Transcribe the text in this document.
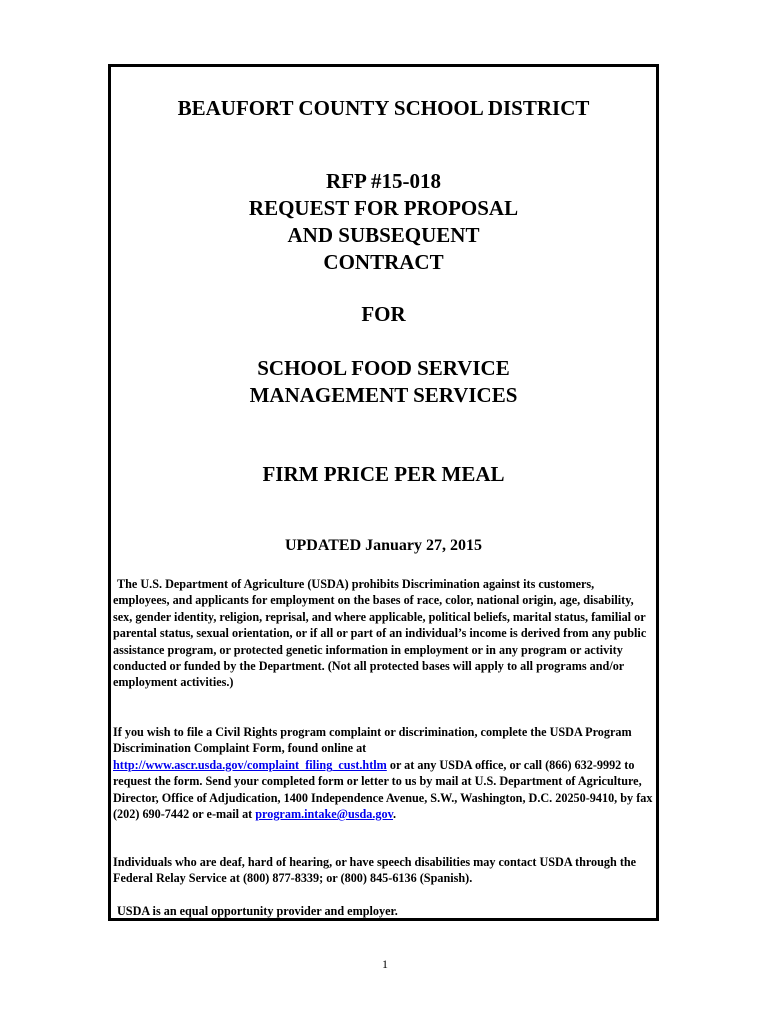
BEAUFORT COUNTY SCHOOL DISTRICT
RFP #15-018
REQUEST FOR PROPOSAL
AND SUBSEQUENT
CONTRACT
FOR
SCHOOL FOOD SERVICE
MANAGEMENT SERVICES
FIRM PRICE PER MEAL
UPDATED January 27, 2015

The U.S. Department of Agriculture (USDA) prohibits Discrimination against its customers, employees, and applicants for employment on the bases of race, color, national origin, age, disability, sex, gender identity, religion, reprisal, and where applicable, political beliefs, marital status, familial or parental status, sexual orientation, or if all or part of an individual’s income is derived from any public assistance program, or protected genetic information in employment or in any program or activity conducted or funded by the Department. (Not all protected bases will apply to all programs and/or employment activities.)

If you wish to file a Civil Rights program complaint or discrimination, complete the USDA Program Discrimination Complaint Form, found online at
http://www.ascr.usda.gov/complaint_filing_cust.htlm or at any USDA office, or call (866) 632-9992 to request the form. Send your completed form or letter to us by mail at U.S. Department of Agriculture, Director, Office of Adjudication, 1400 Independence Avenue, S.W., Washington, D.C. 20250-9410, by fax (202) 690-7442 or e-mail at program.intake@usda.gov.

Individuals who are deaf, hard of hearing, or have speech disabilities may contact USDA through the Federal Relay Service at (800) 877-8339; or (800) 845-6136 (Spanish).

USDA is an equal opportunity provider and employer.

1
